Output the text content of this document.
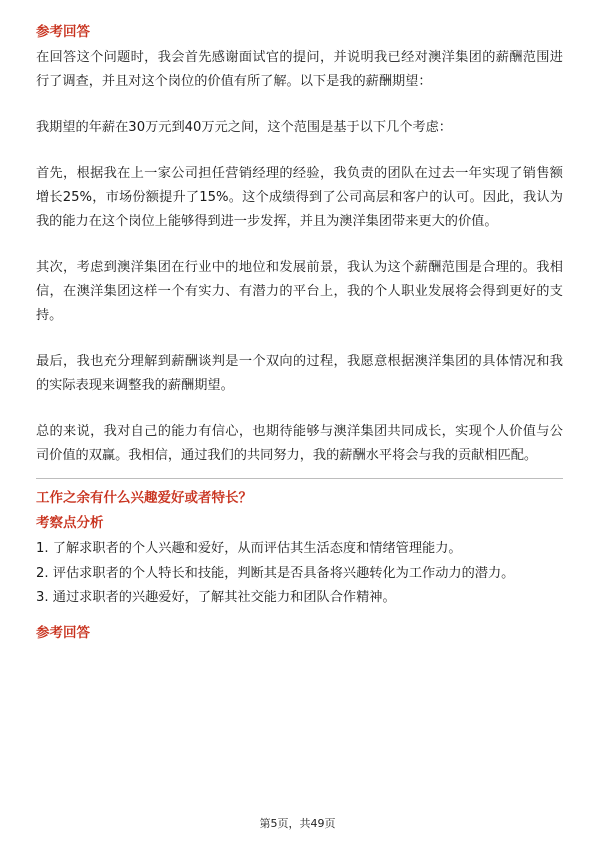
参考回答

在回答这个问题时，我会首先感谢面试官的提问，并说明我已经对澳洋集团的薪酬范围进行了调查，并且对这个岗位的价值有所了解。以下是我的薪酬期望：

我期望的年薪在30万元到40万元之间，这个范围是基于以下几个考虑：

首先，根据我在上一家公司担任营销经理的经验，我负责的团队在过去一年实现了销售额增长25%，市场份额提升了15%。这个成绩得到了公司高层和客户的认可。因此，我认为我的能力在这个岗位上能够得到进一步发挥，并且为澳洋集团带来更大的价值。

其次，考虑到澳洋集团在行业中的地位和发展前景，我认为这个薪酬范围是合理的。我相信，在澳洋集团这样一个有实力、有潜力的平台上，我的个人职业发展将会得到更好的支持。

最后，我也充分理解到薪酬谈判是一个双向的过程，我愿意根据澳洋集团的具体情况和我的实际表现来调整我的薪酬期望。

总的来说，我对自己的能力有信心，也期待能够与澳洋集团共同成长，实现个人价值与公司价值的双赢。我相信，通过我们的共同努力，我的薪酬水平将会与我的贡献相匹配。

工作之余有什么兴趣爱好或者特长？
考察点分析
1. 了解求职者的个人兴趣和爱好，从而评估其生活态度和情绪管理能力。
2. 评估求职者的个人特长和技能，判断其是否具备将兴趣转化为工作动力的潜力。
3. 通过求职者的兴趣爱好，了解其社交能力和团队合作精神。
参考回答
第5页，共49页
